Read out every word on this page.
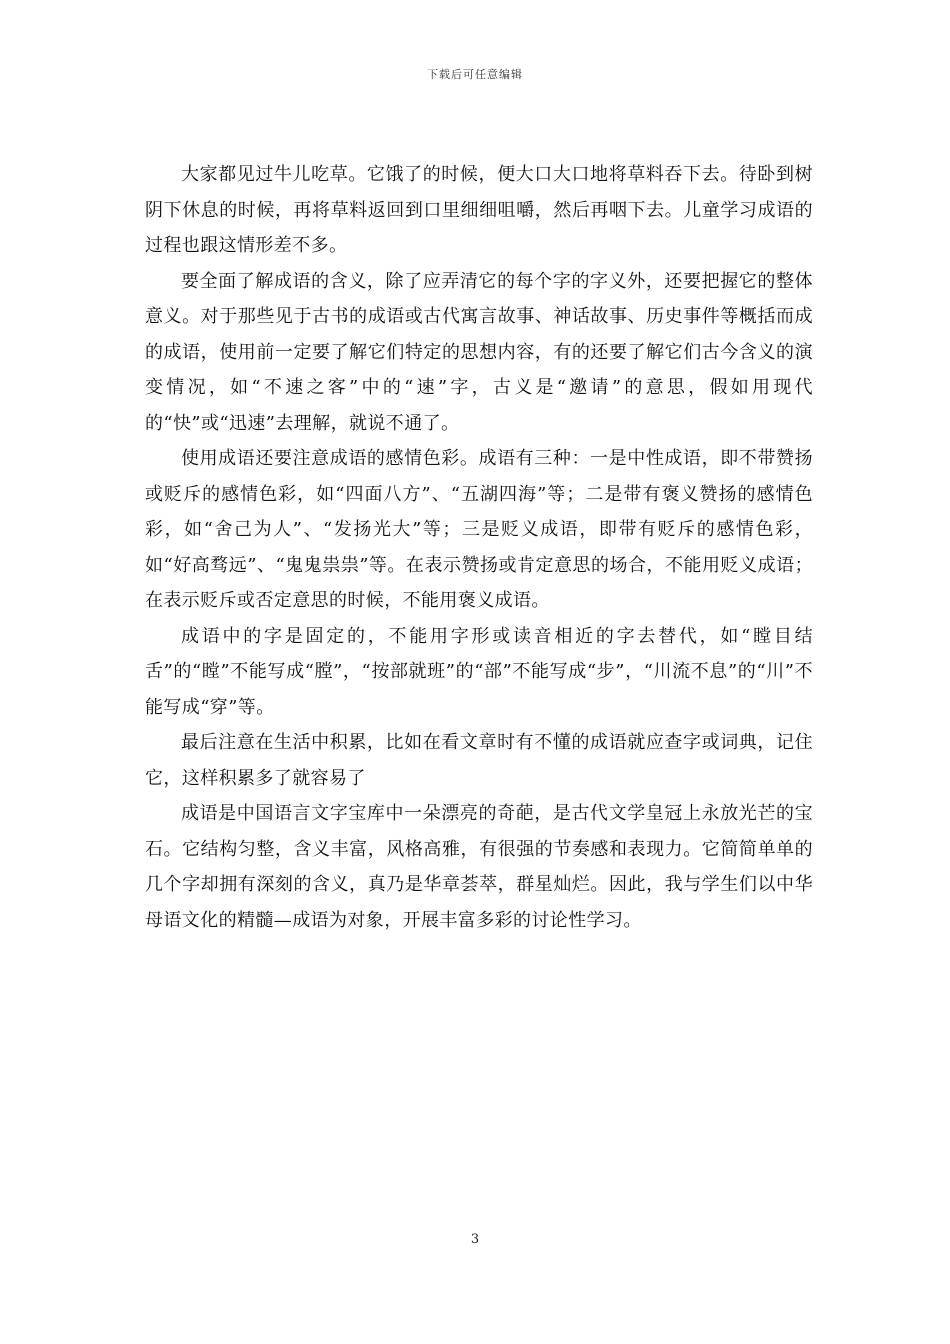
下载后可任意编辑

大家都见过牛儿吃草。它饿了的时候，便大口大口地将草料吞下去。待卧到树阴下休息的时候，再将草料返回到口里细细咀嚼，然后再咽下去。儿童学习成语的过程也跟这情形差不多。

要全面了解成语的含义，除了应弄清它的每个字的字义外，还要把握它的整体意义。对于那些见于古书的成语或古代寓言故事、神话故事、历史事件等概括而成的成语，使用前一定要了解它们特定的思想内容，有的还要了解它们古今含义的演变情况，如“不速之客”中的“速”字，古义是“邀请”的意思，假如用现代的“快”或“迅速”去理解，就说不通了。

使用成语还要注意成语的感情色彩。成语有三种：一是中性成语，即不带赞扬或贬斥的感情色彩，如“四面八方”、“五湖四海”等；二是带有褒义赞扬的感情色彩，如“舍己为人”、“发扬光大”等；三是贬义成语，即带有贬斥的感情色彩，如“好高骛远”、“鬼鬼祟祟”等。在表示赞扬或肯定意思的场合，不能用贬义成语；在表示贬斥或否定意思的时候，不能用褒义成语。

成语中的字是固定的，不能用字形或读音相近的字去替代，如“瞠目结舌”的“瞠”不能写成“膛”，“按部就班”的“部”不能写成“步”，“川流不息”的“川”不能写成“穿”等。

最后注意在生活中积累，比如在看文章时有不懂的成语就应查字或词典，记住它，这样积累多了就容易了

成语是中国语言文字宝库中一朵漂亮的奇葩，是古代文学皇冠上永放光芒的宝石。它结构匀整，含义丰富，风格高雅，有很强的节奏感和表现力。它简简单单的几个字却拥有深刻的含义，真乃是华章荟萃，群星灿烂。因此，我与学生们以中华母语文化的精髓—成语为对象，开展丰富多彩的讨论性学习。

3
